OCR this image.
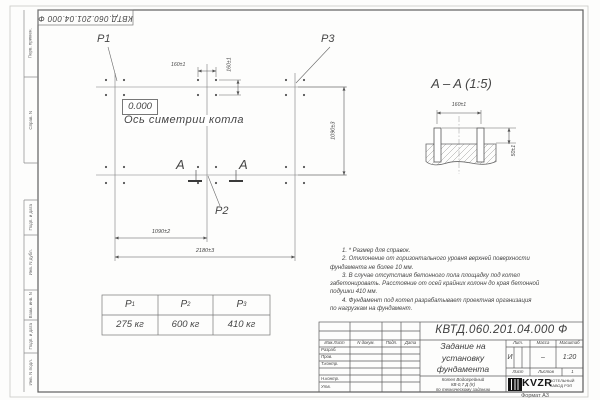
КВТД.060.201.04.000 Ф
Перв. примен.
Справ. N
Подп. и дата
Инв. N дубл.
Взам. инв. N
Подп. и дата
Инв. N подл.
P1	P3
P2
0.000
Ось симетрии котла
160±1	160±1
1090±3
1090±2
2180±3
A	A
A – A (1:5)
160±1
50±1
P 1	P 2	P 3
275 кг	600 кг	410 кг
1. * Размер для справок.
2. Отклонение от горизонтального уровня верхней поверхности
фундамента не более 10 мм.
3. В случае отсутствия бетонного пола площадку под котел
забетонировать. Расстояние от осей крайних колонн до края бетонной
подушки 410 мм.
4. Фундамент под котел разрабатывает проектная организация
по нагрузкам на фундамент.
КВТД.060.201.04.000 Ф
Изм.Лист	N докум.	Подп.	Дата
Разраб.
Пров.
Т.контр.
Н.контр.
Утв.
Задание на
установку
фундамента
Котел Водогрейный
КВ-0,7 Д (К)
по техническому заданию
Лит.	Масса	Масштаб
И	–	1:20
Лист	Листов	1
KVZR
КОТЕЛЬНЫЙ
ЗАВОД РЭП
Формат А3
